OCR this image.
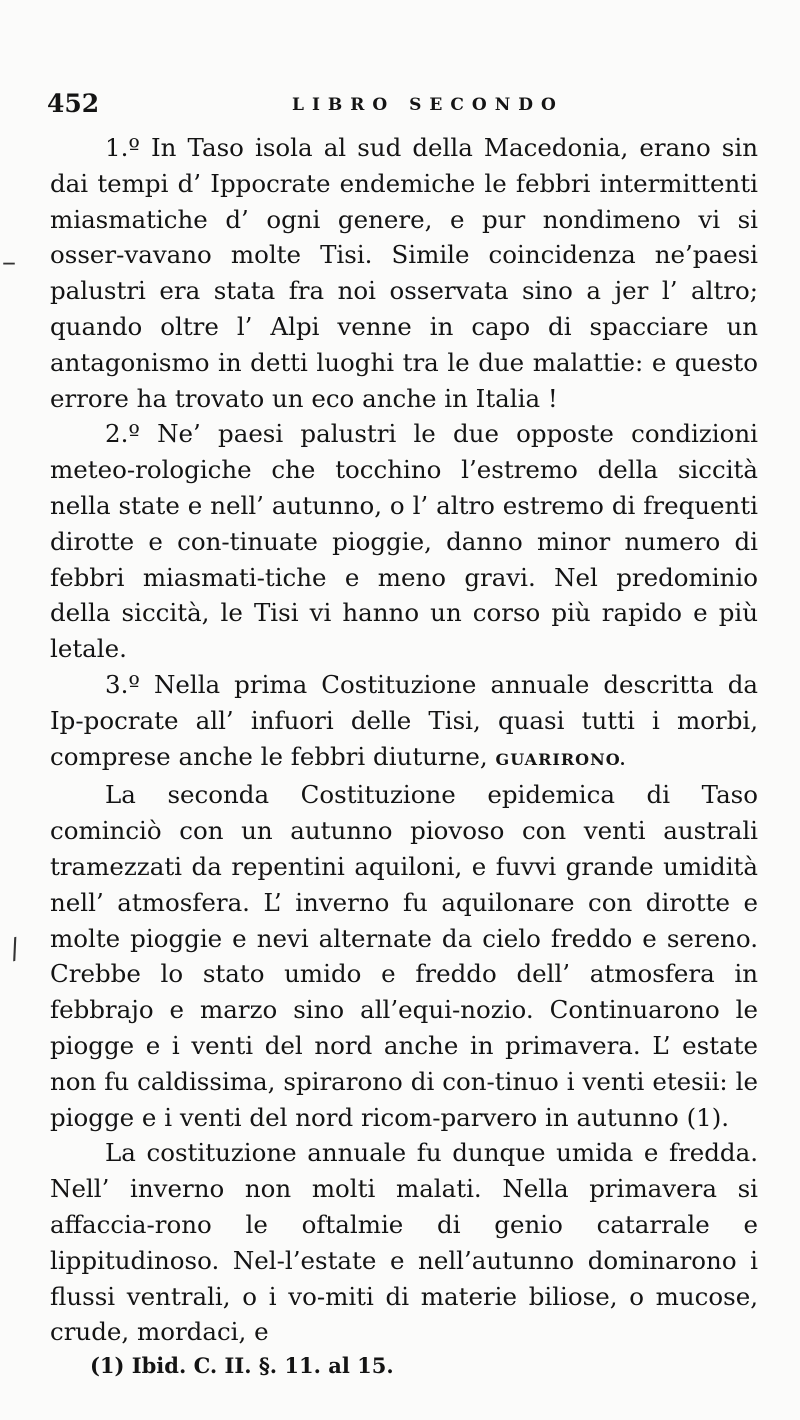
–
/
452	LIBRO SECONDO

1.º In Taso isola al sud della Macedonia, erano sin dai tempi d’ Ippocrate endemiche le febbri intermittenti miasmatiche d’ ogni genere, e pur nondimeno vi si osser-vavano molte Tisi. Simile coincidenza ne’paesi palustri era stata fra noi osservata sino a jer l’ altro; quando oltre l’ Alpi venne in capo di spacciare un antagonismo in detti luoghi tra le due malattie: e questo errore ha trovato un eco anche in Italia !

2.º Ne’ paesi palustri le due opposte condizioni meteo-rologiche che tocchino l’estremo della siccità nella state e nell’ autunno, o l’ altro estremo di frequenti dirotte e con-tinuate pioggie, danno minor numero di febbri miasmati-tiche e meno gravi. Nel predominio della siccità, le Tisi vi hanno un corso più rapido e più letale.

3.º Nella prima Costituzione annuale descritta da Ip-pocrate all’ infuori delle Tisi, quasi tutti i morbi, comprese anche le febbri diuturne, GUARIRONO.

La seconda Costituzione epidemica di Taso cominciò con un autunno piovoso con venti australi tramezzati da repentini aquiloni, e fuvvi grande umidità nell’ atmosfera. L’ inverno fu aquilonare con dirotte e molte pioggie e nevi alternate da cielo freddo e sereno. Crebbe lo stato umido e freddo dell’ atmosfera in febbrajo e marzo sino all’equi-nozio. Continuarono le piogge e i venti del nord anche in primavera. L’ estate non fu caldissima, spirarono di con-tinuo i venti etesii: le piogge e i venti del nord ricom-parvero in autunno (1).

La costituzione annuale fu dunque umida e fredda. Nell’ inverno non molti malati. Nella primavera si affaccia-rono le oftalmie di genio catarrale e lippitudinoso. Nel-l’estate e nell’autunno dominarono i flussi ventrali, o i vo-miti di materie biliose, o mucose, crude, mordaci, e

(1) Ibid. C. II. §. 11. al 15.
